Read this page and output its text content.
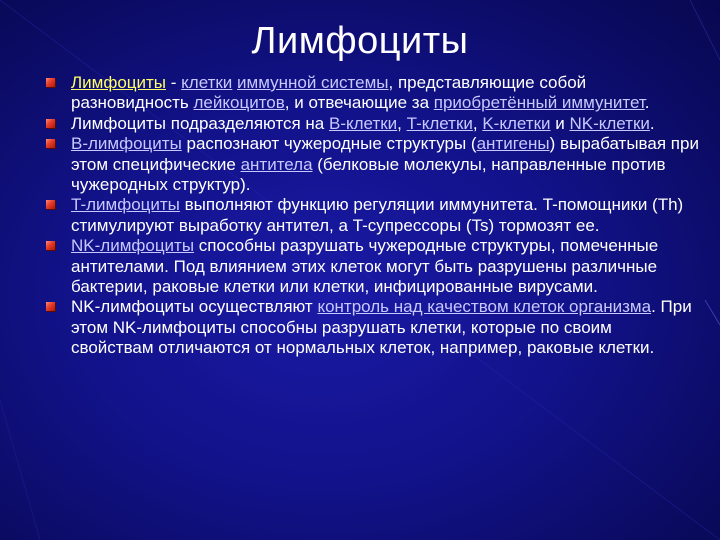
Лимфоциты
Лимфоциты - клетки иммунной системы, представляющие собой разновидность лейкоцитов, и отвечающие за приобретённый иммунитет.
Лимфоциты подразделяются на B-клетки, T-клетки, K-клетки и NK-клетки.
B-лимфоциты распознают чужеродные структуры (антигены) вырабатывая при этом специфические антитела (белковые молекулы, направленные против чужеродных структур).
T-лимфоциты выполняют функцию регуляции иммунитета. T-помощники (Th) стимулируют выработку антител, а T-супрессоры (Ts) тормозят ее.
NK-лимфоциты способны разрушать чужеродные структуры, помеченные антителами. Под влиянием этих клеток могут быть разрушены различные бактерии, раковые клетки или клетки, инфицированные вирусами.
NK-лимфоциты осуществляют контроль над качеством клеток организма. При этом NK-лимфоциты способны разрушать клетки, которые по своим свойствам отличаются от нормальных клеток, например, раковые клетки.
